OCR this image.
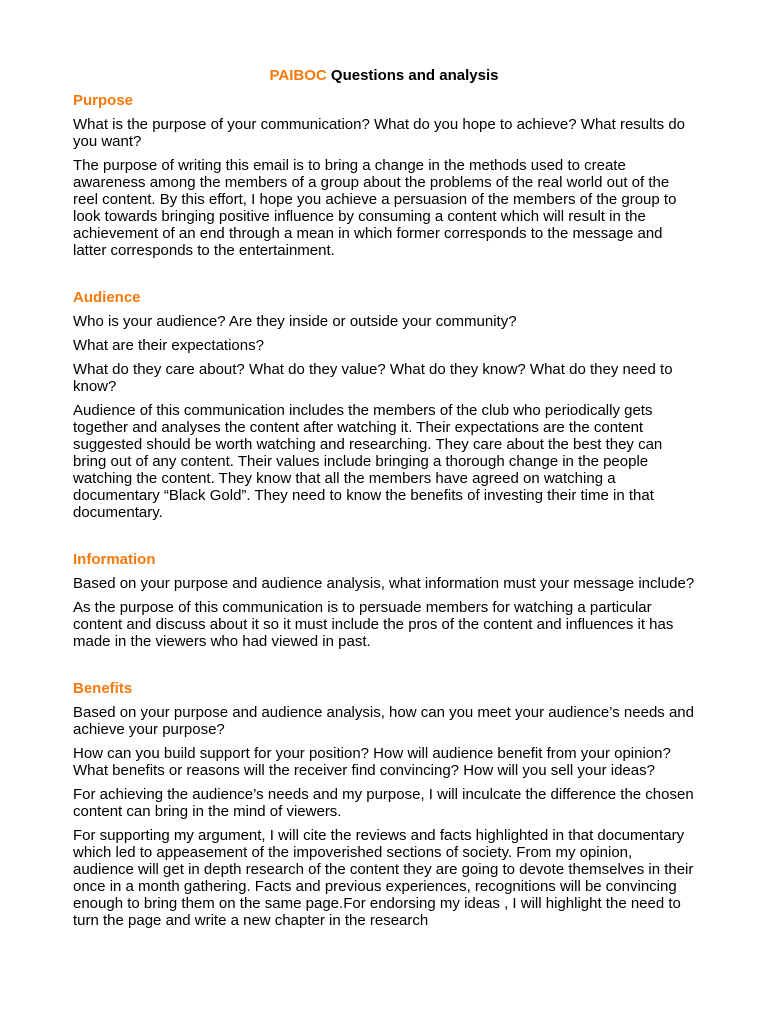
PAIBOC Questions and analysis
Purpose

What is the purpose of your communication? What do you hope to achieve? What results do you want?

The purpose of writing this email is to bring a change in the methods used to create awareness among the members of a group about the problems of the real world out of the reel content. By this effort, I hope you achieve a persuasion of the members of the group to look towards bringing positive influence by consuming a content which will result in the achievement of an end through a mean in which former corresponds to the message and latter corresponds to the entertainment.

Audience

Who is your audience? Are they inside or outside your community?

What are their expectations?

What do they care about? What do they value? What do they know? What do they need to know?

Audience of this communication includes the members of the club who periodically gets together and analyses the content after watching it. Their expectations are the content suggested should be worth watching and researching. They care about the best they can bring out of any content. Their values include bringing a thorough change in the people watching the content. They know that all the members have agreed on watching a documentary “Black Gold”. They need to know the benefits of investing their time in that documentary.

Information

Based on your purpose and audience analysis, what information must your message include?

As the purpose of this communication is to persuade members for watching a particular content and discuss about it so it must include the pros of the content and influences it has made in the viewers who had viewed in past.

Benefits

Based on your purpose and audience analysis, how can you meet your audience’s needs and achieve your purpose?

How can you build support for your position? How will audience benefit from your opinion? What benefits or reasons will the receiver find convincing? How will you sell your ideas?

For achieving the audience’s needs and my purpose, I will inculcate the difference the chosen content can bring in the mind of viewers.

For supporting my argument, I will cite the reviews and facts highlighted in that documentary which led to appeasement of the impoverished sections of society. From my opinion, audience will get in depth research of the content they are going to devote themselves in their once in a month gathering. Facts and previous experiences, recognitions will be convincing enough to bring them on the same page.For endorsing my ideas , I will highlight the need to turn the page and write a new chapter in the research
